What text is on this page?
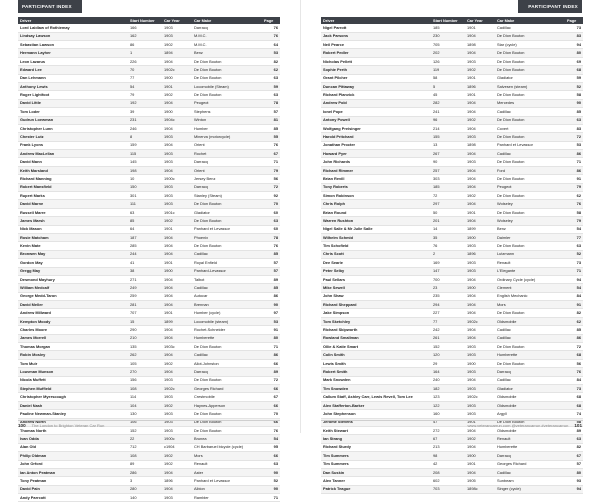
PARTICIPANT INDEX
Driver	Start Number	Car Year	Car Make	Page
Lord Laidlaw of Rothiemay	166	1903	Darracq	76
Lindsay Lawson	162	1903	M.M.C.	76
Sebastian Lawson	86	1902	M.M.C.	64
Hermann Layher	1	1894	Benz	53
Leon Lazarus	226	1904	De Dion Bouton	82
Edward Lee	70	1902c	De Dion Bouton	62
Dan Lehmann	77	1900	De Dion Bouton	63
Anthony Lewis	54	1901	Locomobile (Steam)	59
Roger Lightfoot	79	1902	De Dion Bouton	63
David Little	192	1904	Peugeot	78
Tom Loder	39	1900	Stephens	57
Gudrun Loewman	231	1904c	Winton	81
Christopher Lunn	246	1904	Humber	85
Chester Lutz	8	1903	Minerva (motorcycle)	55
Frank Lyons	159	1904	Orient	76
Andrew MacLellan	115	1903	Rochet	67
David Mann	145	1903	Darracq	71
Keith Marsland	198	1904	Orient	79
Richard Manning	10	1900c	Jersey Benz	56
Robert Mansfield	150	1903	Darracq	72
Rupert Marks	301	1903	Stanley (Steam)	92
David Marne	111	1903	De Dion Bouton	70
Russell Marre	63	1901c	Gladiator	60
James Marsh	85	1902	De Dion Bouton	63
Nick Mason	64	1901	Panhard et Levassor	60
Rosie Matcham	187	1904	Phoenix	78
Kevin Mate	285	1904	De Dion Bouton	76
Bronwen May	244	1904	Cadillac	85
Gordon May	41	1901	Royal Enfield	57
Gregg May	38	1900	Panhard-Levassor	57
Desmond Mayhury	271	1904	Talbot	89
William Medcalf	249	1904	Cadillac	85
George Medd-Taron	259	1904	Autocar	86
David Meller	281	1904	Brennan	90
Andrew Millward	707	1901	Humber (cycle)	97
Kempton Moody	15	1899	Locomobile (steam)	53
Charles Moore	290	1904	Rochet-Schneider	91
James Morrell	210	1904	Humberette	80
Thomas Morgan	135	1903c	De Dion Bouton	71
Robin Mosley	262	1904	Cadillac	86
Tom Muir	105	1902	Allot-Johnston	66
Louvman Munson	270	1904	Darracq	89
Nicola Muffett	156	1903	De Dion Bouton	72
Stephen Muffield	108	1902c	Georges Richard	66
Christopher Myerscough	114	1903	Crestmobile	67
Daniel Nash	104	1902	Haynes-Apperson	66
Pauline Newman-Stanley	130	1903	De Dion Bouton	70
Andrew North	106	1903	De Dion Bouton	66
Thomas North	152	1903	De Dion Bouton	76
Ivan Odda	22	1900c	Brunea	54
Alan Old	712	c1904	CH Barbaruel bicycle (cycle)	95
Philip Oldman	108	1902	Mors	66
John Orford	89	1902	Renault	63
Ian Anton Peatman	286	1904	Aster	90
Tony Peatman	3	1896	Panhard et Levassor	52
David Pain	280	1904	Albion	90
Andy Parrcott	140	1903	Rambler	71
100 The London to Brighton Veteran Car Run
PARTICIPANT INDEX
Driver	Start Number	Car Year	Car Make	Page
Nigel Parrott	185	1901	Cadillac	73
Jack Parsons	230	1904	De Dion Bouton	83
Neil Pearce	705	1898	Star (cycle)	94
Robert Pedler	202	1904	De Dion Bouton	80
Nicholas Pellett	126	1903	De Dion Bouton	69
Sophie Perth	119	1902	De Dion Bouton	68
Grant Pilcher	58	1901	Gladiator	59
Duncan Pittaway	5	1896	Salvesen (steam)	52
Richard Planvick	45	1901	De Dion Bouton	58
Andrew Pold	282	1904	Mercedes	90
Ionel Pope	241	1904	Cadillac	85
Antony Powell	96	1902	De Dion Bouton	63
Wolfgang Preisinger	214	1904	Covert	83
Harold Pritchard	155	1903	De Dion Bouton	72
Jonathan Procter	13	1898	Panhard et Levassor	53
Howard Pyer	267	1904	Cadillac	86
John Richards	90	1903	De Dion Bouton	71
Richard Rimmer	257	1904	Ford	86
Brian Revill	303	1904	De Dion Bouton	91
Tony Roberts	185	1904	Peugeot	79
Simon Robinson	72	1902	De Dion Bouton	62
Chris Rolph	297	1904	Wolseley	76
Brian Round	50	1901	De Dion Bouton	58
Warren Rushton	201	1904	Wolseley	79
Nigel Salle & Mr Julie Salle	14	1899	Benz	54
Wilhelm Schmid	35	1900	Daimler	77
Tim Schofield	76	1903	De Dion Bouton	63
Chris Scott	2	1896	Lutzmann	52
Dee Searle	169	1903	Renault	73
Peter Selby	147	1903	L'Elegante	71
Paul Sellars	700	1904	Ordinary Cycle (cycle)	94
Mike Sewell	23	1900	Clement	54
John Shaw	235	1904	English Mechanic	84
Richard Sheppard	294	1904	Mors	91
Jake Simpson	227	1904	De Dion Bouton	82
Tom Sketchley	77	1902c	Oldsmobile	62
Richard Skipworth	242	1904	Cadillac	85
Rowland Smallman	261	1904	Cadillac	86
Ollie & Katie Smart	152	1903	De Dion Bouton	72
Colin Smith	120	1903	Humberette	68
Lewis Smith	29	1900	De Dion Bouton	56
Robert Smith	164	1903	Darracq	76
Mark Snowden	240	1904	Cadillac	84
Tim Snowden	182	1903	Gladiator	73
Callum Staff, Ashley Carr, Lewis Revell, Tom Lee	123	1902c	Oldsmobile	68
Alex Stafferton-Barker	122	1903	Oldsmobile	68
John Stephenson	160	1903	Argyll	74
Jerome Stevens	47	1901	De Dion Bouton	58
Keith Stewart	272	1904	Oldsmobile	89
Ian Strang	67	1902	Renault	63
Richard Sturdy	213	1904	Humberette	82
Tim Summers	98	1900	Darracq	67
Tim Summers	42	1901	Georges Richard	57
Dan Suskin	208	1904	Cadillac	80
Alex Tanner	602	1905	Sunbeam	93
Patrick Teague	703	1898c	Singer (cycle)	94
www.veterancarrun.com @veterancarrun #veterancarrun 101
